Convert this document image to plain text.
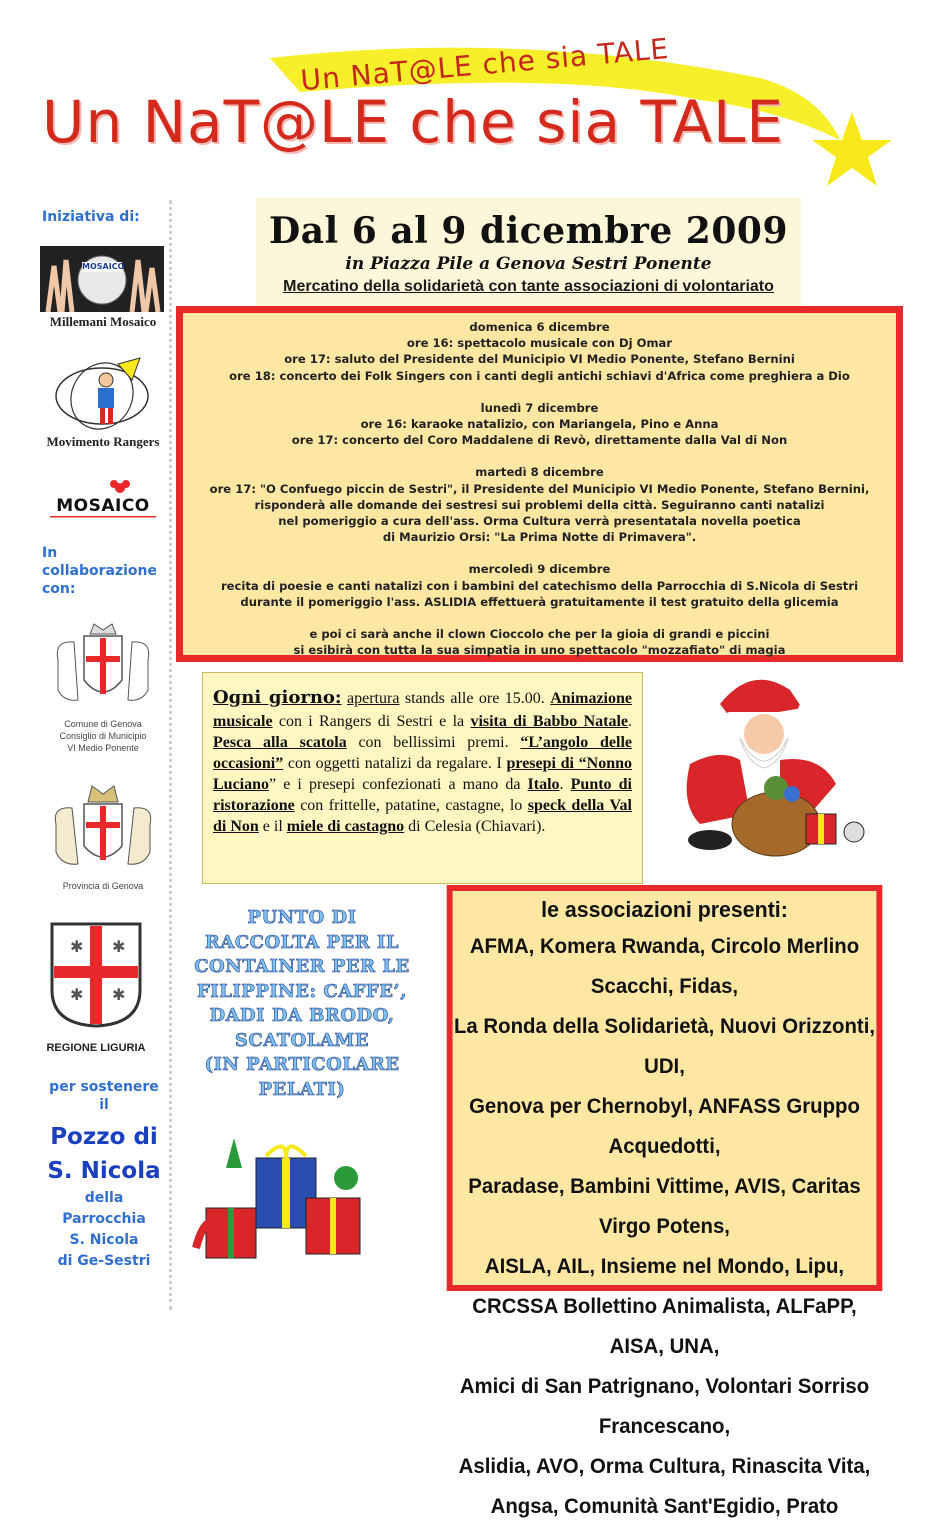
Un NaT@LE che sia TALE
Un NaT@LE che sia TALE
Iniziativa di:
MOSAICO
Millemani Mosaico
Movimento Rangers
MOSAICO
In
collaborazione
con:
Comune di Genova
Consiglio di Municipio
VI Medio Ponente
Provincia di Genova
✱ ✱
✱ ✱
REGIONE LIGURIA
per sostenere
il
Pozzo di
S. Nicola
della
Parrocchia
S. Nicola
di Ge-Sestri
Dal 6 al 9 dicembre 2009
in Piazza Pile a Genova Sestri Ponente
Mercatino della solidarietà con tante associazioni di volontariato
domenica 6 dicembre
ore 16: spettacolo musicale con Dj Omar
ore 17: saluto del Presidente del Municipio VI Medio Ponente, Stefano Bernini
ore 18: concerto dei Folk Singers con i canti degli antichi schiavi d'Africa come preghiera a Dio
lunedì 7 dicembre
ore 16: karaoke natalizio, con Mariangela, Pino e Anna
ore 17: concerto del Coro Maddalene di Revò, direttamente dalla Val di Non
martedì 8 dicembre
ore 17: "O Confuego piccin de Sestri", il Presidente del Municipio VI Medio Ponente, Stefano Bernini,
risponderà alle domande dei sestresi sui problemi della città. Seguiranno canti natalizi
nel pomeriggio a cura dell'ass. Orma Cultura verrà presentatala novella poetica
di Maurizio Orsi: "La Prima Notte di Primavera".
mercoledì 9 dicembre
recita di poesie e canti natalizi con i bambini del catechismo della Parrocchia di S.Nicola di Sestri
durante il pomeriggio l'ass. ASLIDIA effettuerà gratuitamente il test gratuito della glicemia
e poi ci sarà anche il clown Cioccolo che per la gioia di grandi e piccini
si esibirà con tutta la sua simpatia in uno spettacolo "mozzafiato" di magia
Ogni giorno: apertura stands alle ore 15.00. Animazione musicale con i Rangers di Sestri e la visita di Babbo Natale. Pesca alla scatola con bellissimi premi. “L’angolo delle occasioni” con oggetti natalizi da regalare. I presepi di “Nonno Luciano” e i presepi confezionati a mano da Italo. Punto di ristorazione con frittelle, patatine, castagne, lo speck della Val di Non e il miele di castagno di Celesia (Chiavari).
PUNTO DI
RACCOLTA PER IL
CONTAINER PER LE
FILIPPINE: CAFFE’,
DADI DA BRODO,
SCATOLAME
(IN PARTICOLARE
PELATI)
le associazioni presenti:
AFMA, Komera Rwanda, Circolo Merlino Scacchi, Fidas,
La Ronda della Solidarietà, Nuovi Orizzonti, UDI,
Genova per Chernobyl, ANFASS Gruppo Acquedotti,
Paradase, Bambini Vittime, AVIS, Caritas Virgo Potens,
AISLA, AIL, Insieme nel Mondo, Lipu,
CRCSSA Bollettino Animalista, ALFaPP, AISA, UNA,
Amici di San Patrignano, Volontari Sorriso Francescano,
Aslidia, AVO, Orma Cultura, Rinascita Vita,
Angsa, Comunità Sant'Egidio, Prato
